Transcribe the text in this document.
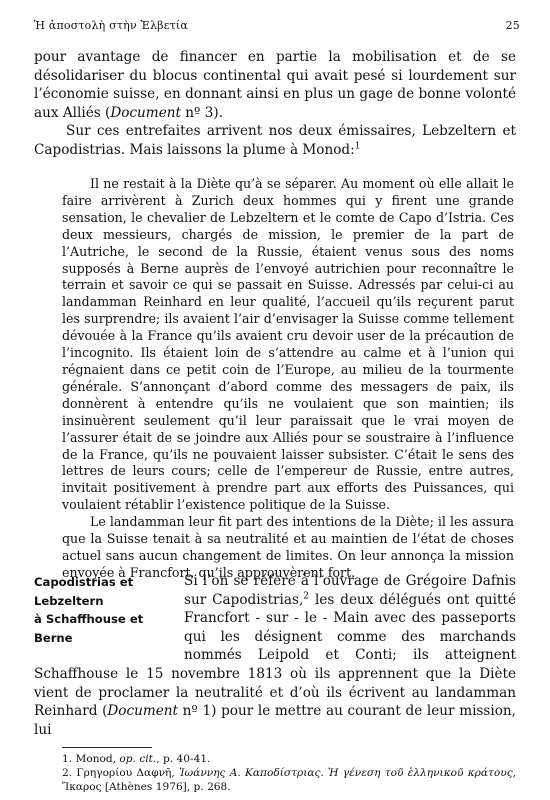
Ἡ ἀποστολὴ στὴν Ἑλβετία	25

pour avantage de financer en partie la mobilisation et de se désolidariser du blocus continental qui avait pesé si lourdement sur l’économie suisse, en donnant ainsi en plus un gage de bonne volonté aux Alliés (Document nº 3).

Sur ces entrefaites arrivent nos deux émissaires, Lebzeltern et Capodistrias. Mais laissons la plume à Monod:$^1$

Il ne restait à la Diète qu’à se séparer. Au moment où elle allait le faire arrivèrent à Zurich deux hommes qui y firent une grande sensation, le chevalier de Lebzeltern et le comte de Capo d’Istria. Ces deux messieurs, chargés de mission, le premier de la part de l’Autriche, le second de la Russie, étaient venus sous des noms supposés à Berne auprès de l’envoyé autrichien pour reconnaître le terrain et savoir ce qui se passait en Suisse. Adressés par celui-ci au landamman Reinhard en leur qualité, l’accueil qu’ils reçurent parut les surprendre; ils avaient l’air d’envisager la Suisse comme tellement dévouée à la France qu’ils avaient cru devoir user de la précaution de l’incognito. Ils étaient loin de s’attendre au calme et à l’union qui régnaient dans ce petit coin de l’Europe, au milieu de la tourmente générale. S’annonçant d’abord comme des messagers de paix, ils donnèrent à entendre qu’ils ne voulaient que son maintien; ils insinuèrent seulement qu’il leur paraissait que le vrai moyen de l’assurer était de se joindre aux Alliés pour se soustraire à l’influence de la France, qu’ils ne pouvaient laisser subsister. C’était le sens des lettres de leurs cours; celle de l’empereur de Russie, entre autres, invitait positivement à prendre part aux efforts des Puissances, qui voulaient rétablir l’existence politique de la Suisse.

Le landamman leur fit part des intentions de la Diète; il les assura que la Suisse tenait à sa neutralité et au maintien de l’état de choses actuel sans aucun changement de limites. On leur annonça la mission envoyée à Francfort, qu’ils approuvèrent fort.

Capodistrias et Lebzeltern
à Schaffhouse et Berne
Si l’on se réfère à l’ouvrage de Grégoire Dafnis sur Capodistrias,$^2$ les deux délégués ont quitté Francfort - sur - le - Main avec des passeports qui les désignent comme des marchands nommés Leipold et Conti; ils atteignent Schaffhouse le 15 novembre 1813 où ils apprennent que la Diète vient de proclamer la neutralité et d’où ils écrivent au landamman Reinhard (Document nº 1) pour le mettre au courant de leur mission, lui

1. Monod, op. cit., p. 40-41.

2. Γρηγορίου Δαφνῆ, Ἰωάννης Α. Καποδίστριας. Ἡ γένεση τοῦ ἑλληνικοῦ κράτους, Ἴκαρος [Athènes 1976], p. 268.
